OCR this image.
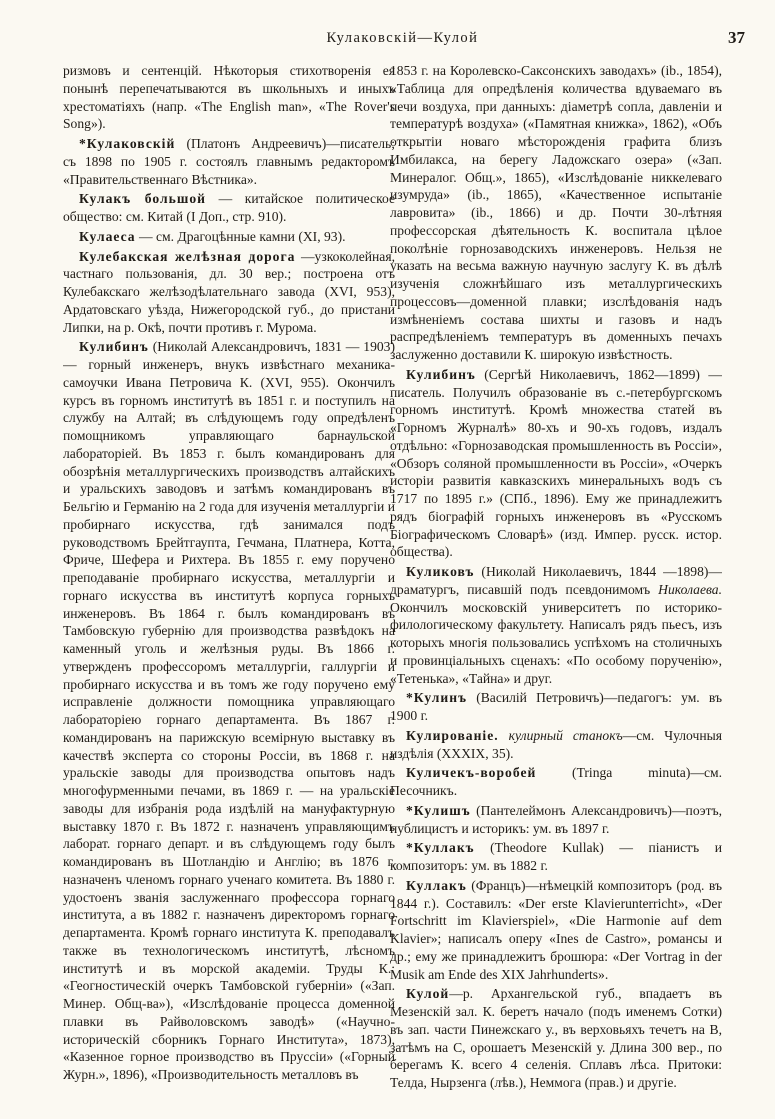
Кулаковскій—Кулой	37

ризмовъ и сентенцій. Нѣкоторыя стихотворенія ея понынѣ перепечатываются въ школьныхъ и иныхъ хрестоматіяхъ (напр. «The English man», «The Rover's Song»).

*Кулаковскій (Платонъ Андреевичъ)—писатель; съ 1898 по 1905 г. состоялъ главнымъ редакторомъ «Правительственнаго Вѣстника».

Кулакъ большой — китайское политическое общество: см. Китай (I Доп., стр. 910).

Кулаеса — см. Драгоцѣнные камни (XI, 93).

Кулебакская желѣзная дорога —узкоколейная, частнаго пользованія, дл. 30 вер.; построена отъ Кулебакскаго желѣзодѣлательнаго завода (XVI, 953), Ардатовскаго уѣзда, Нижегородской губ., до пристани Липки, на р. Окѣ, почти противъ г. Мурома.

Кулибинъ (Николай Александровичъ, 1831 — 1903) — горный инженеръ, внукъ извѣстнаго механика-самоучки Ивана Петровича К. (XVI, 955). Окончилъ курсъ въ горномъ институтѣ въ 1851 г. и поступилъ на службу на Алтай; въ слѣдующемъ году опредѣленъ помощникомъ управляющаго барнаульской лабораторіей. Въ 1853 г. былъ командированъ для обозрѣнія металлургическихъ производствъ алтайскихъ и уральскихъ заводовъ и затѣмъ командированъ въ Бельгію и Германію на 2 года для изученія металлургіи и пробирнаго искусства, гдѣ занимался подъ руководствомъ Брейтгаупта, Гечмана, Платнера, Котта, Фриче, Шефера и Рихтера. Въ 1855 г. ему поручено преподаваніе пробирнаго искусства, металлургіи и горнаго искусства въ институтѣ корпуса горныхъ инженеровъ. Въ 1864 г. былъ командированъ въ Тамбовскую губернію для производства развѣдокъ на каменный уголь и желѣзныя руды. Въ 1866 г. утвержденъ профессоромъ металлургіи, галлургіи и пробирнаго искусства и въ томъ же году поручено ему исправленіе должности помощника управляющаго лабораторіею горнаго департамента. Въ 1867 г. командированъ на парижскую всемірную выставку въ качествѣ эксперта со стороны Россіи, въ 1868 г. на уральскіе заводы для производства опытовъ надъ многофурменными печами, въ 1869 г. — на уральскіе заводы для избранія рода издѣлій на мануфактурную выставку 1870 г. Въ 1872 г. назначенъ управляющимъ лаборат. горнаго департ. и въ слѣдующемъ году былъ командированъ въ Шотландію и Англію; въ 1876 г. назначенъ членомъ горнаго ученаго комитета. Въ 1880 г. удостоенъ званія заслуженнаго профессора горнаго института, а въ 1882 г. назначенъ директоромъ горнаго департамента. Кромѣ горнаго института К. преподавалъ также въ технологическомъ институтѣ, лѣсномъ институтѣ и въ морской академіи. Труды К.: «Геогностическій очеркъ Тамбовской губерніи» («Зап. Минер. Общ-ва»), «Изслѣдованіе процесса доменной плавки въ Райволовскомъ заводѣ» («Научно-историческій сборникъ Горнаго Института», 1873), «Казенное горное производство въ Пруссіи» («Горный Журн.», 1896), «Производительность металловъ въ

1853 г. на Королевско-Саксонскихъ заводахъ» (ib., 1854), «Таблица для опредѣленія количества вдуваемаго въ печи воздуха, при данныхъ: діаметрѣ сопла, давленіи и температурѣ воздуха» («Памятная книжка», 1862), «Объ открытіи новаго мѣсторожденія графита близъ Имбилакса, на берегу Ладожскаго озера» («Зап. Минералог. Общ.», 1865), «Изслѣдованіе никкелеваго изумруда» (ib., 1865), «Качественное испытаніе лавровита» (ib., 1866) и др. Почти 30-лѣтняя профессорская дѣятельность К. воспитала цѣлое поколѣніе горнозаводскихъ инженеровъ. Нельзя не указать на весьма важную научную заслугу К. въ дѣлѣ изученія сложнѣйшаго изъ металлургическихъ процессовъ—доменной плавки; изслѣдованія надъ измѣненіемъ состава шихты и газовъ и надъ распредѣленіемъ температуръ въ доменныхъ печахъ заслуженно доставили К. широкую извѣстность.

Кулибинъ (Сергѣй Николаевичъ, 1862—1899) — писатель. Получилъ образованіе въ с.-петербургскомъ горномъ институтѣ. Кромѣ множества статей въ «Горномъ Журналѣ» 80-хъ и 90-хъ годовъ, издалъ отдѣльно: «Горнозаводская промышленность въ Россіи», «Обзоръ соляной промышленности въ Россіи», «Очеркъ исторіи развитія кавказскихъ минеральныхъ водъ съ 1717 по 1895 г.» (СПб., 1896). Ему же принадлежитъ рядъ біографій горныхъ инженеровъ въ «Русскомъ Біографическомъ Словарѣ» (изд. Импер. русск. истор. общества).

Куликовъ (Николай Николаевичъ, 1844 —1898)—драматургъ, писавшій подъ псевдонимомъ Николаева. Окончилъ московскій университетъ по историко-филологическому факультету. Написалъ рядъ пьесъ, изъ которыхъ многія пользовались успѣхомъ на столичныхъ и провинціальныхъ сценахъ: «По особому порученію», «Тетенька», «Тайна» и друг.

*Кулинъ (Василій Петровичъ)—педагогъ: ум. въ 1900 г.

Кулированіе. кулирный станокъ—см. Чулочныя издѣлія (XXXIX, 35).

Куличекъ-воробей (Tringa minuta)—см. Песочникъ.

*Кулишъ (Пантелеймонъ Александровичъ)—поэтъ, публицистъ и историкъ: ум. въ 1897 г.

*Куллакъ (Theodore Kullak) — піанистъ и композиторъ: ум. въ 1882 г.

Куллакъ (Францъ)—нѣмецкій композиторъ (род. въ 1844 г.). Составилъ: «Der erste Klavierunterricht», «Der Fortschritt im Klavierspiel», «Die Harmonie auf dem Klavier»; написалъ оперу «Ines de Castro», романсы и др.; ему же принадлежитъ брошюра: «Der Vortrag in der Musik am Ende des XIX Jahrhunderts».

Кулой—р. Архангельской губ., впадаетъ въ Мезенскій зал. К. беретъ начало (подъ именемъ Сотки) въ зап. части Пинежскаго у., въ верховьяхъ течетъ на В, затѣмъ на С, орошаетъ Мезенскій у. Длина 300 вер., по берегамъ К. всего 4 селенія. Сплавъ лѣса. Притоки: Телда, Нырзенга (лѣв.), Неммога (прав.) и другіе.
